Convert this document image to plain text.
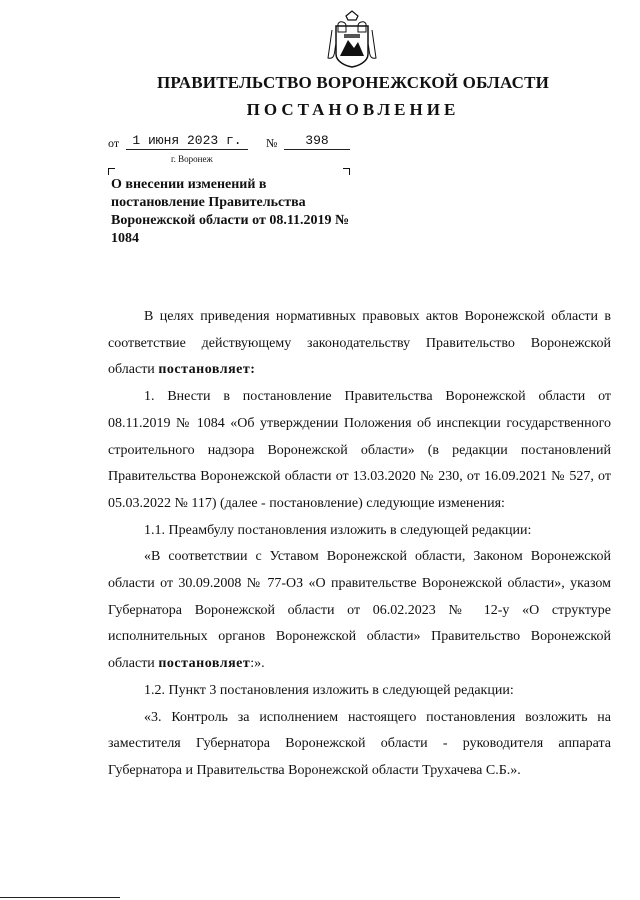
ПРАВИТЕЛЬСТВО ВОРОНЕЖСКОЙ ОБЛАСТИ
ПОСТАНОВЛЕНИЕ
от	1 июня 2023 г.	№	398
г. Воронеж
О внесении изменений в постановление Правительства Воронежской области от 08.11.2019 № 1084

В целях приведения нормативных правовых актов Воронежской области в соответствие действующему законодательству Правительство Воронежской области постановляет:

1. Внести в постановление Правительства Воронежской области от 08.11.2019 № 1084 «Об утверждении Положения об инспекции государственного строительного надзора Воронежской области» (в редакции постановлений Правительства Воронежской области от 13.03.2020 № 230, от 16.09.2021 № 527, от 05.03.2022 № 117) (далее - постановление) следующие изменения:

1.1. Преамбулу постановления изложить в следующей редакции:

«В соответствии с Уставом Воронежской области, Законом Воронежской области от 30.09.2008 № 77-ОЗ «О правительстве Воронежской области», указом Губернатора Воронежской области от 06.02.2023 № 12-у «О структуре исполнительных органов Воронежской области» Правительство Воронежской области постановляет:».

1.2. Пункт 3 постановления изложить в следующей редакции:

«3. Контроль за исполнением настоящего постановления возложить на заместителя Губернатора Воронежской области - руководителя аппарата Губернатора и Правительства Воронежской области Трухачева С.Б.».
